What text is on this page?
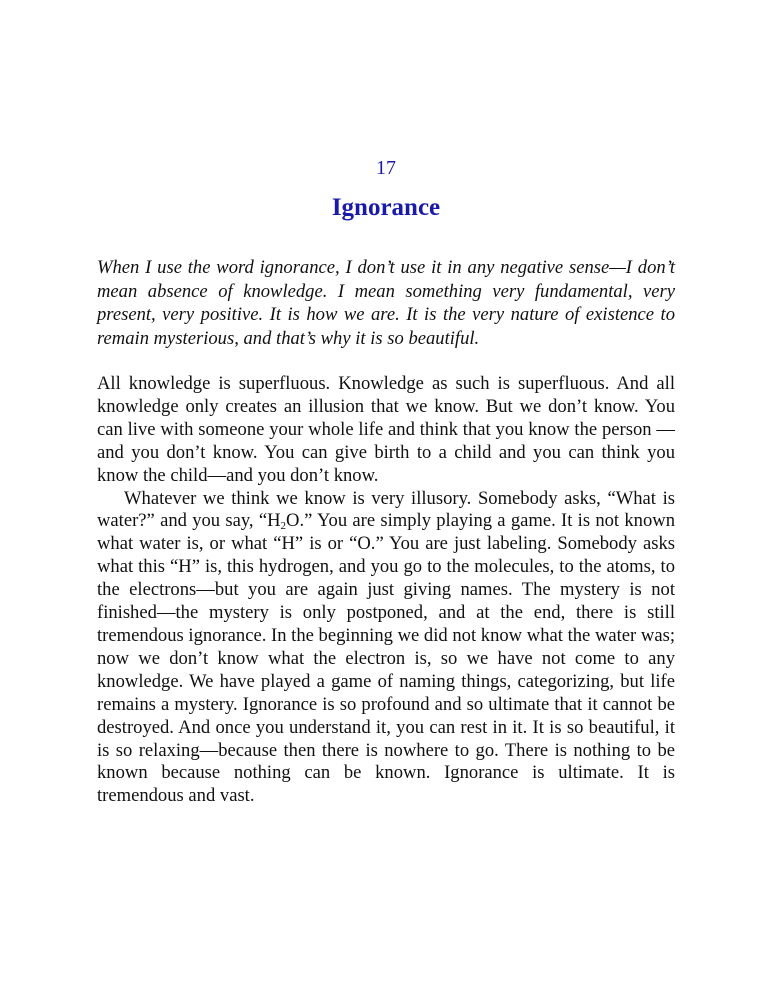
17
Ignorance

When I use the word ignorance, I don’t use it in any negative sense—I don’t mean absence of knowledge. I mean something very fundamental, very present, very positive. It is how we are. It is the very nature of existence to remain mysterious, and that’s why it is so beautiful.

All knowledge is superfluous. Knowledge as such is superfluous. And all knowledge only creates an illusion that we know. But we don’t know. You can live with someone your whole life and think that you know the person —and you don’t know. You can give birth to a child and you can think you know the child—and you don’t know.

Whatever we think we know is very illusory. Somebody asks, “What is water?” and you say, “$H_2O$.” You are simply playing a game. It is not known what water is, or what “H” is or “O.” You are just labeling. Somebody asks what this “H” is, this hydrogen, and you go to the molecules, to the atoms, to the electrons—but you are again just giving names. The mystery is not finished—the mystery is only postponed, and at the end, there is still tremendous ignorance. In the beginning we did not know what the water was; now we don’t know what the electron is, so we have not come to any knowledge. We have played a game of naming things, categorizing, but life remains a mystery. Ignorance is so profound and so ultimate that it cannot be destroyed. And once you understand it, you can rest in it. It is so beautiful, it is so relaxing—because then there is nowhere to go. There is nothing to be known because nothing can be known. Ignorance is ultimate. It is tremendous and vast.
